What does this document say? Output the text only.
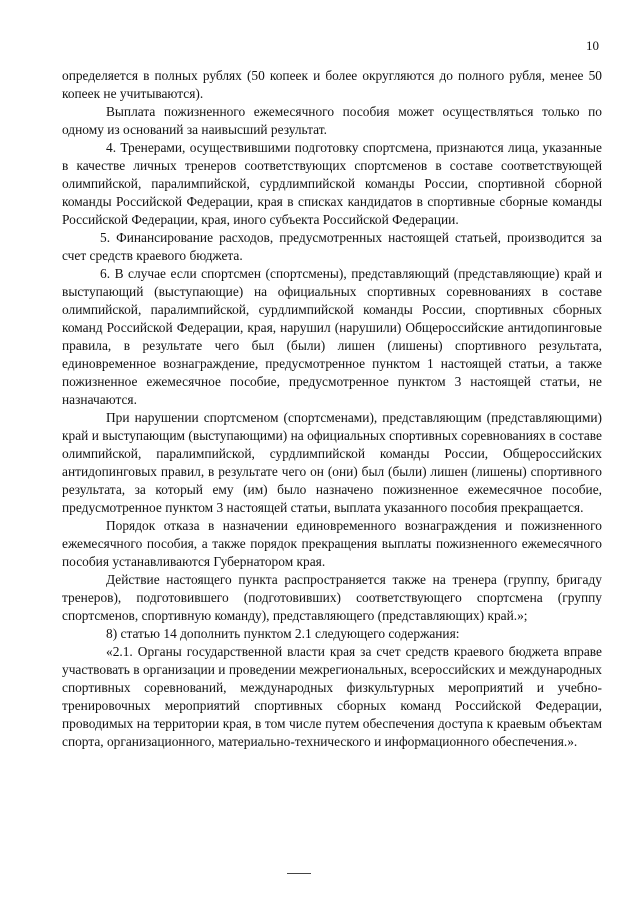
10

определяется в полных рублях (50 копеек и более округляются до полного рубля, менее 50 копеек не учитываются).

Выплата пожизненного ежемесячного пособия может осуществляться только по одному из оснований за наивысший результат.

4. Тренерами, осуществившими подготовку спортсмена, признаются лица, указанные в качестве личных тренеров соответствующих спортсменов в составе соответствующей олимпийской, паралимпийской, сурдлимпийской команды России, спортивной сборной команды Российской Федерации, края в списках кандидатов в спортивные сборные команды Российской Федерации, края, иного субъекта Российской Федерации.

5. Финансирование расходов, предусмотренных настоящей статьей, производится за счет средств краевого бюджета.

6. В случае если спортсмен (спортсмены), представляющий (представляющие) край и выступающий (выступающие) на официальных спортивных соревнованиях в составе олимпийской, паралимпийской, сурдлимпийской команды России, спортивных сборных команд Российской Федерации, края, нарушил (нарушили) Общероссийские антидопинговые правила, в результате чего был (были) лишен (лишены) спортивного результата, единовременное вознаграждение, предусмотренное пунктом 1 настоящей статьи, а также пожизненное ежемесячное пособие, предусмотренное пунктом 3 настоящей статьи, не назначаются.

При нарушении спортсменом (спортсменами), представляющим (представляющими) край и выступающим (выступающими) на официальных спортивных соревнованиях в составе олимпийской, паралимпийской, сурдлимпийской команды России, Общероссийских антидопинговых правил, в результате чего он (они) был (были) лишен (лишены) спортивного результата, за который ему (им) было назначено пожизненное ежемесячное пособие, предусмотренное пунктом 3 настоящей статьи, выплата указанного пособия прекращается.

Порядок отказа в назначении единовременного вознаграждения и пожизненного ежемесячного пособия, а также порядок прекращения выплаты пожизненного ежемесячного пособия устанавливаются Губернатором края.

Действие настоящего пункта распространяется также на тренера (группу, бригаду тренеров), подготовившего (подготовивших) соответствующего спортсмена (группу спортсменов, спортивную команду), представляющего (представляющих) край.»;

8) статью 14 дополнить пунктом 2.1 следующего содержания:

«2.1. Органы государственной власти края за счет средств краевого бюджета вправе участвовать в организации и проведении межрегиональных, всероссийских и международных спортивных соревнований, международных физкультурных мероприятий и учебно-тренировочных мероприятий спортивных сборных команд Российской Федерации, проводимых на территории края, в том числе путем обеспечения доступа к краевым объектам спорта, организационного, материально-технического и информационного обеспечения.».
